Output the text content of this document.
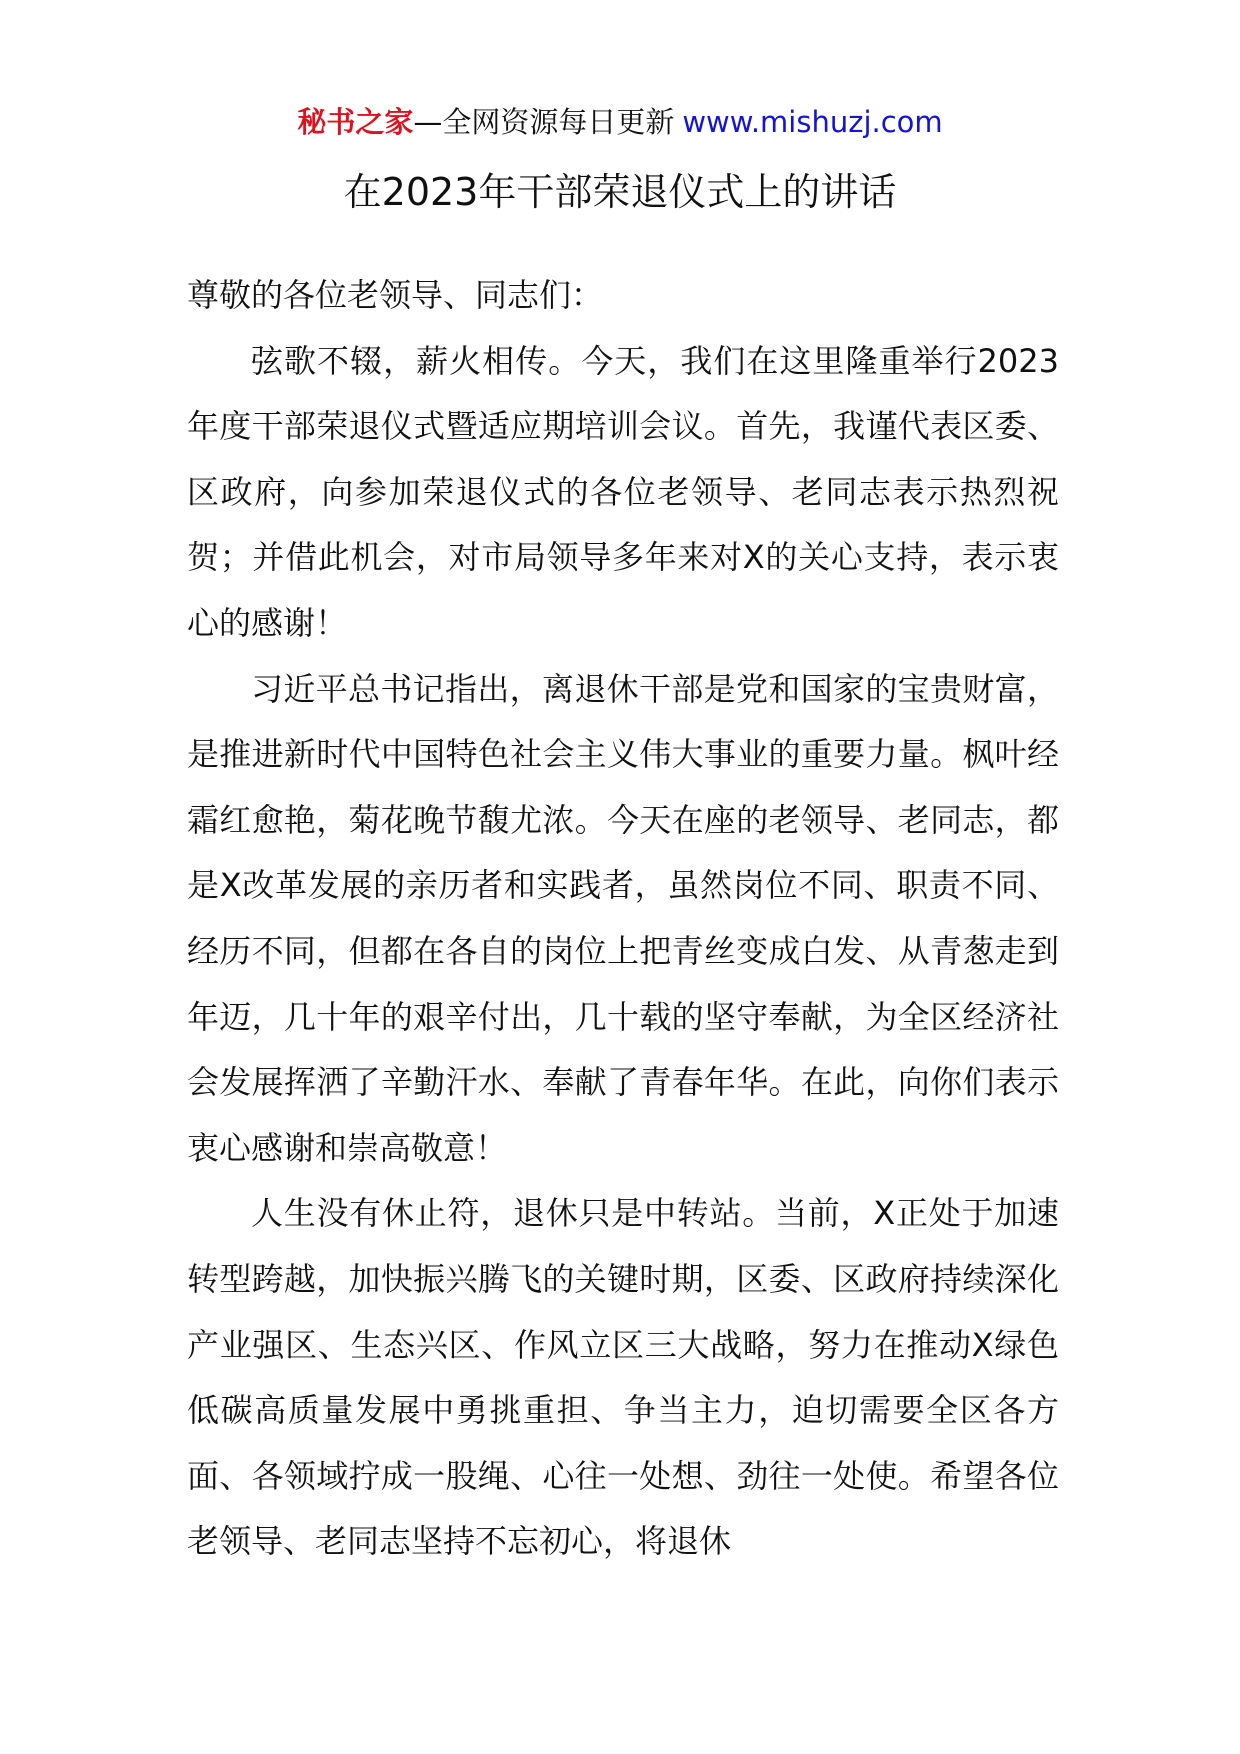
秘书之家—全网资源每日更新 www.mishuzj.com
在2023年干部荣退仪式上的讲话

尊敬的各位老领导、同志们：

弦歌不辍，薪火相传。今天，我们在这里隆重举行2023年度干部荣退仪式暨适应期培训会议。首先，我谨代表区委、区政府，向参加荣退仪式的各位老领导、老同志表示热烈祝贺；并借此机会，对市局领导多年来对X的关心支持，表示衷心的感谢！

习近平总书记指出，离退休干部是党和国家的宝贵财富，是推进新时代中国特色社会主义伟大事业的重要力量。枫叶经霜红愈艳，菊花晚节馥尤浓。今天在座的老领导、老同志，都是X改革发展的亲历者和实践者，虽然岗位不同、职责不同、经历不同，但都在各自的岗位上把青丝变成白发、从青葱走到年迈，几十年的艰辛付出，几十载的坚守奉献，为全区经济社会发展挥洒了辛勤汗水、奉献了青春年华。在此，向你们表示衷心感谢和崇高敬意！

人生没有休止符，退休只是中转站。当前，X正处于加速转型跨越，加快振兴腾飞的关键时期，区委、区政府持续深化产业强区、生态兴区、作风立区三大战略，努力在推动X绿色低碳高质量发展中勇挑重担、争当主力，迫切需要全区各方面、各领域拧成一股绳、心往一处想、劲往一处使。希望各位老领导、老同志坚持不忘初心，将退休
